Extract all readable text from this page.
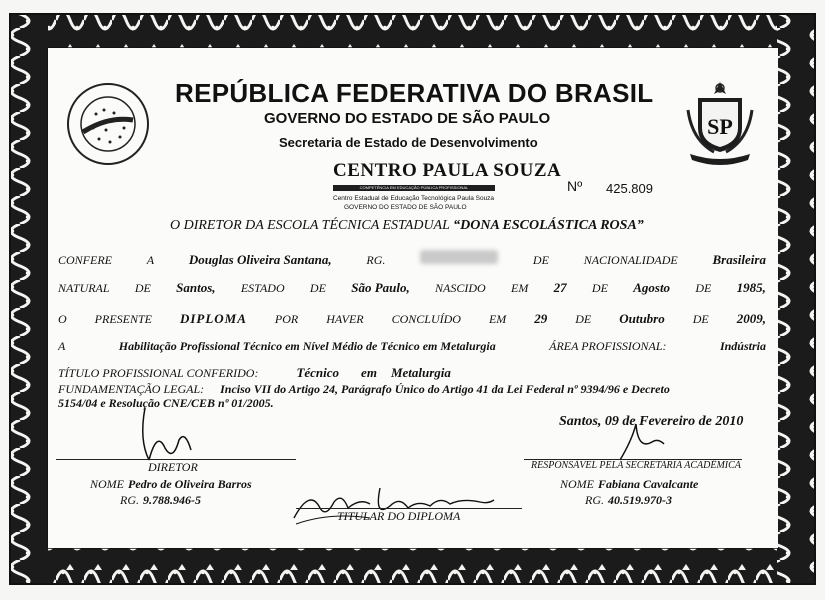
SP
REPÚBLICA FEDERATIVA DO BRASIL
GOVERNO DO ESTADO DE SÃO PAULO
Secretaria de Estado de Desenvolvimento
CENTRO PAULA SOUZA
COMPETÊNCIA EM EDUCAÇÃO PÚBLICA PROFISSIONAL
Centro Estadual de Educação Tecnológica Paula Souza
GOVERNO DO ESTADO DE SÃO PAULO
Nº 425.809
O DIRETOR DA ESCOLA TÉCNICA ESTADUAL “DONA ESCOLÁSTICA ROSA”
CONFERE	A	Douglas Oliveira Santana,	RG.	DE	NACIONALIDADE	Brasileira
NATURAL DE Santos, ESTADO DE São Paulo, NASCIDO EM 27 DE Agosto DE 1985,
O PRESENTE DIPLOMA POR HAVER CONCLUÍDO EM 29 DE Outubro DE 2009,
A	Habilitação Profissional Técnico em Nível Médio de Técnico em Metalurgia	ÁREA PROFISSIONAL:	Indústria
TÍTULO PROFISSIONAL CONFERIDO:	Técnico em Metalurgia
FUNDAMENTAÇÃO LEGAL: Inciso VII do Artigo 24, Parágrafo Único do Artigo 41 da Lei Federal nº 9394/96 e Decreto
5154/04 e Resolução CNE/CEB nº 01/2005.
Santos, 09 de Fevereiro de 2010
DIRETOR
NOME Pedro de Oliveira Barros
RG. 9.788.946-5
TITULAR DO DIPLOMA
RESPONSÁVEL PELA SECRETARIA ACADÊMICA
NOME Fabiana Cavalcante
RG. 40.519.970-3
